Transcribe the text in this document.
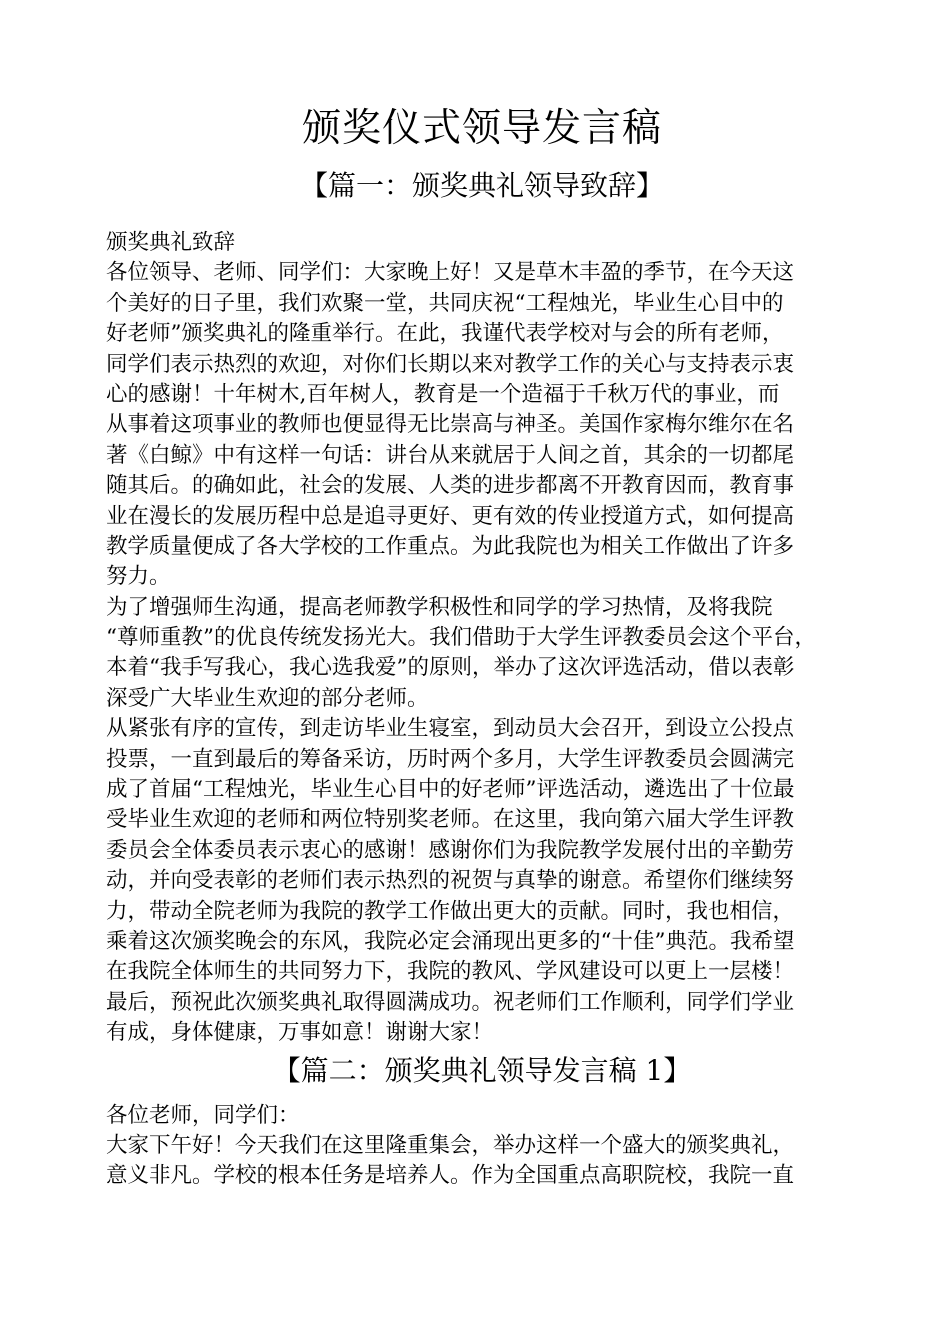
颁奖仪式领导发言稿
【篇一：颁奖典礼领导致辞】

颁奖典礼致辞

各位领导、老师、同学们：大家晚上好！又是草木丰盈的季节，在今天这
个美好的日子里，我们欢聚一堂，共同庆祝“工程烛光，毕业生心目中的
好老师”颁奖典礼的隆重举行。在此，我谨代表学校对与会的所有老师，
同学们表示热烈的欢迎，对你们长期以来对教学工作的关心与支持表示衷
心的感谢！十年树木,百年树人，教育是一个造福于千秋万代的事业，而
从事着这项事业的教师也便显得无比崇高与神圣。美国作家梅尔维尔在名
著《白鲸》中有这样一句话：讲台从来就居于人间之首，其余的一切都尾
随其后。的确如此，社会的发展、人类的进步都离不开教育因而，教育事
业在漫长的发展历程中总是追寻更好、更有效的传业授道方式，如何提高
教学质量便成了各大学校的工作重点。为此我院也为相关工作做出了许多
努力。

为了增强师生沟通，提高老师教学积极性和同学的学习热情，及将我院
“尊师重教”的优良传统发扬光大。我们借助于大学生评教委员会这个平台，
本着“我手写我心，我心选我爱”的原则，举办了这次评选活动，借以表彰
深受广大毕业生欢迎的部分老师。

从紧张有序的宣传，到走访毕业生寝室，到动员大会召开，到设立公投点
投票，一直到最后的筹备采访，历时两个多月，大学生评教委员会圆满完
成了首届“工程烛光，毕业生心目中的好老师”评选活动，遴选出了十位最
受毕业生欢迎的老师和两位特别奖老师。在这里，我向第六届大学生评教
委员会全体委员表示衷心的感谢！感谢你们为我院教学发展付出的辛勤劳
动，并向受表彰的老师们表示热烈的祝贺与真挚的谢意。希望你们继续努
力，带动全院老师为我院的教学工作做出更大的贡献。同时，我也相信，
乘着这次颁奖晚会的东风，我院必定会涌现出更多的“十佳”典范。我希望
在我院全体师生的共同努力下，我院的教风、学风建设可以更上一层楼！
最后，预祝此次颁奖典礼取得圆满成功。祝老师们工作顺利，同学们学业
有成，身体健康，万事如意！谢谢大家！

【篇二：颁奖典礼领导发言稿 1】

各位老师，同学们：

大家下午好！今天我们在这里隆重集会，举办这样一个盛大的颁奖典礼，
意义非凡。学校的根本任务是培养人。作为全国重点高职院校，我院一直
